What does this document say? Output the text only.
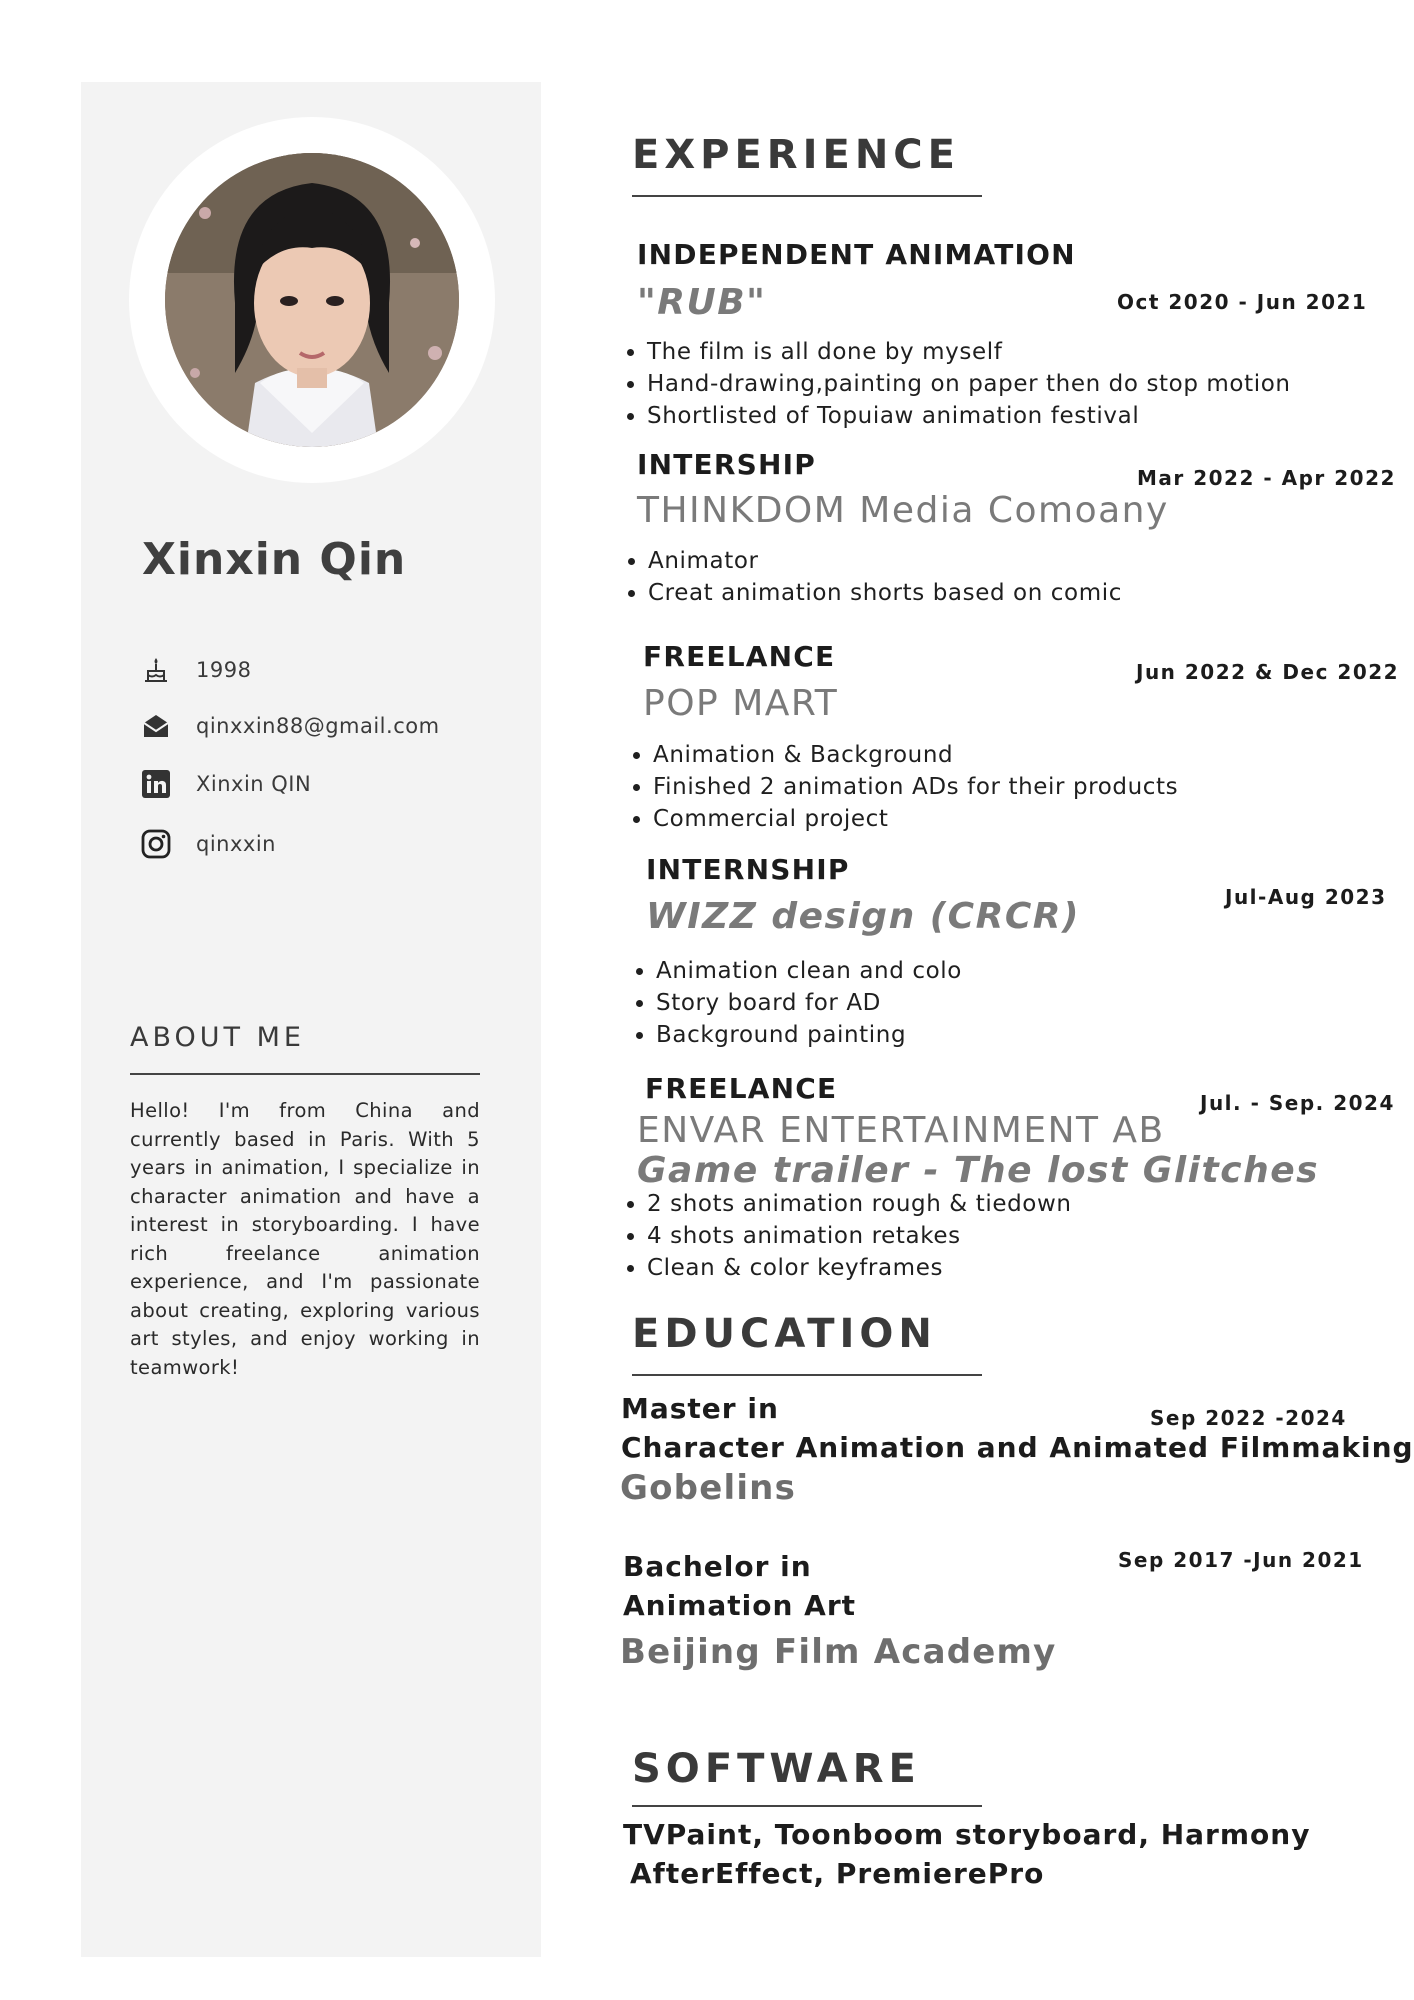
Xinxin Qin
1998
qinxxin88@gmail.com
Xinxin QIN
qinxxin
ABOUT ME
Hello! I'm from China and currently based in Paris. With 5 years in animation, I specialize in character animation and have a interest in storyboarding. I have rich freelance animation experience, and I'm passionate about creating, exploring various art styles, and enjoy working in teamwork!
EXPERIENCE
INDEPENDENT ANIMATION
"RUB"	Oct 2020 - Jun 2021
• The film is all done by myself
• Hand-drawing,painting on paper then do stop motion
• Shortlisted of Topuiaw animation festival
INTERSHIP
THINKDOM Media Comoany
Mar 2022 - Apr 2022
• Animator
• Creat animation shorts based on comic
FREELANCE
POP MART
Jun 2022 & Dec 2022
• Animation & Background
• Finished 2 animation ADs for their products
• Commercial project
INTERNSHIP
WIZZ design (CRCR)	Jul-Aug 2023
• Animation clean and colo
• Story board for AD
• Background painting
FREELANCE
ENVAR ENTERTAINMENT AB
Game trailer - The lost Glitches
Jul. - Sep. 2024
• 2 shots animation rough & tiedown
• 4 shots animation retakes
• Clean & color keyframes
EDUCATION
Master in
Character Animation and Animated Filmmaking
Gobelins
Sep 2022 -2024
Bachelor in
Animation Art
Beijing Film Academy
Sep 2017 -Jun 2021
SOFTWARE
TVPaint, Toonboom storyboard, Harmony
AfterEffect, PremierePro
